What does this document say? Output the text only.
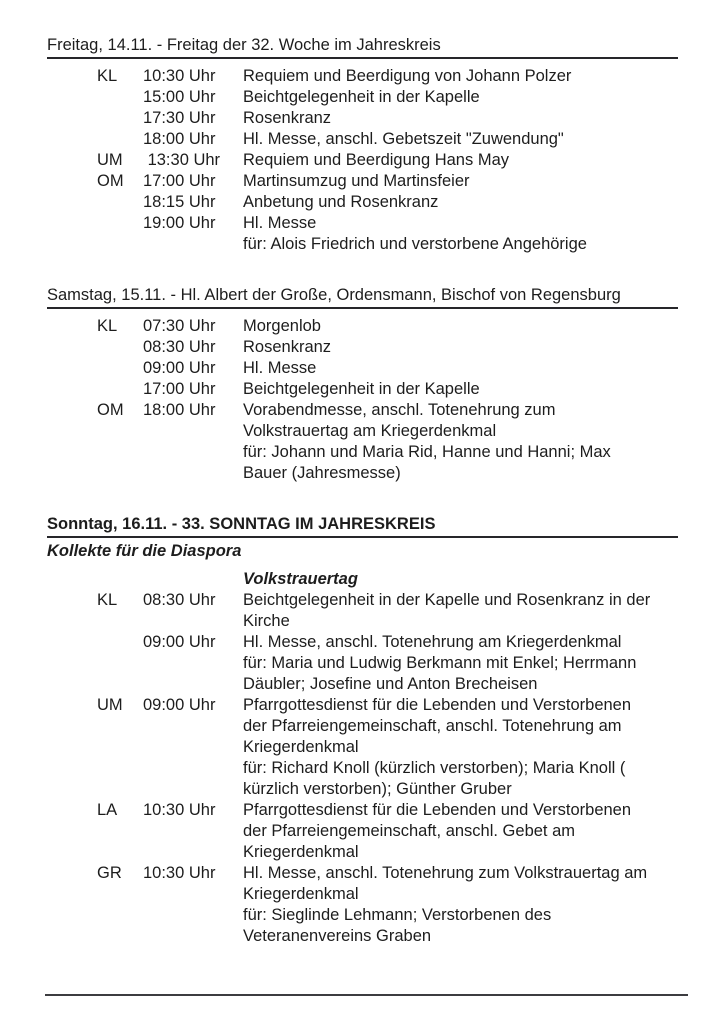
Freitag, 14.11. - Freitag der 32. Woche im Jahreskreis
KL	10:30 Uhr	Requiem und Beerdigung von Johann Polzer
15:00 Uhr	Beichtgelegenheit in der Kapelle
17:30 Uhr	Rosenkranz
18:00 Uhr	Hl. Messe, anschl. Gebetszeit "Zuwendung"
UM	13:30 Uhr	Requiem und Beerdigung Hans May
OM	17:00 Uhr	Martinsumzug und Martinsfeier
18:15 Uhr	Anbetung und Rosenkranz
19:00 Uhr	Hl. Messe
für: Alois Friedrich und verstorbene Angehörige
Samstag, 15.11. - Hl. Albert der Große, Ordensmann, Bischof von Regensburg
KL	07:30 Uhr	Morgenlob
08:30 Uhr	Rosenkranz
09:00 Uhr	Hl. Messe
17:00 Uhr	Beichtgelegenheit in der Kapelle
OM	18:00 Uhr	Vorabendmesse, anschl. Totenehrung zum
Volkstrauertag am Kriegerdenkmal
für: Johann und Maria Rid, Hanne und Hanni; Max
Bauer (Jahresmesse)
Sonntag, 16.11. - 33. SONNTAG IM JAHRESKREIS

Kollekte für die Diaspora

Volkstrauertag
KL	08:30 Uhr	Beichtgelegenheit in der Kapelle und Rosenkranz in der
Kirche
09:00 Uhr	Hl. Messe, anschl. Totenehrung am Kriegerdenkmal
für: Maria und Ludwig Berkmann mit Enkel; Herrmann
Däubler; Josefine und Anton Brecheisen
UM	09:00 Uhr	Pfarrgottesdienst für die Lebenden und Verstorbenen
der Pfarreiengemeinschaft, anschl. Totenehrung am
Kriegerdenkmal
für: Richard Knoll (kürzlich verstorben); Maria Knoll (
kürzlich verstorben); Günther Gruber
LA	10:30 Uhr	Pfarrgottesdienst für die Lebenden und Verstorbenen
der Pfarreiengemeinschaft, anschl. Gebet am
Kriegerdenkmal
GR	10:30 Uhr	Hl. Messe, anschl. Totenehrung zum Volkstrauertag am
Kriegerdenkmal
für: Sieglinde Lehmann; Verstorbenen des
Veteranenvereins Graben
